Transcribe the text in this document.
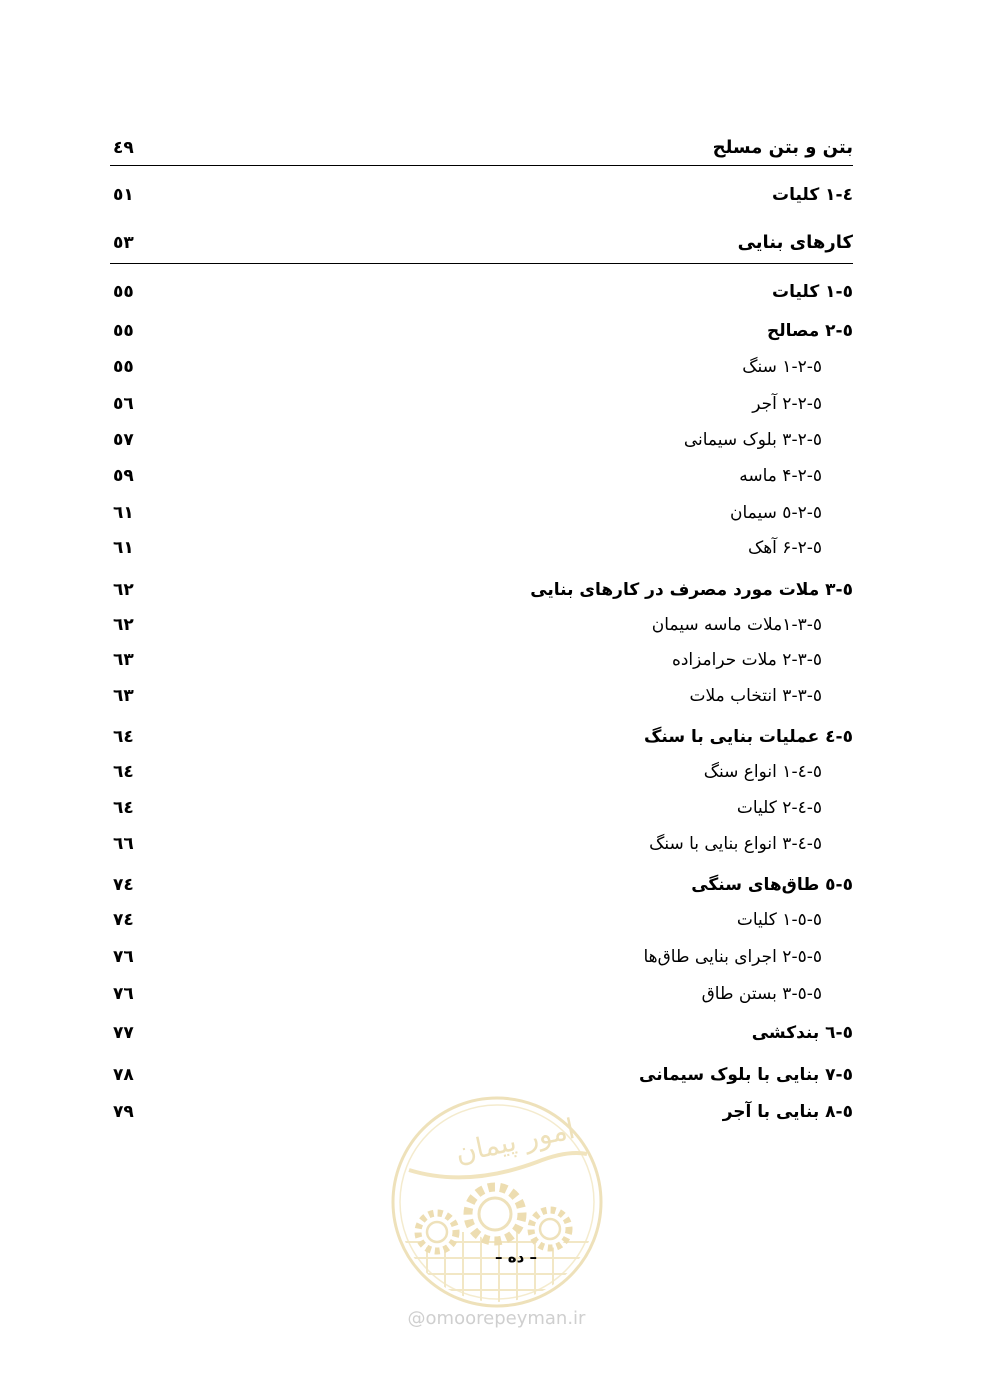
بتن و بتن مسلح
٤٩
٤-١ کلیات
٥١
کارهای بنایی
٥٣
٥-١ کلیات
٥٥
٥-٢ مصالح
٥٥
٥-٢-١ سنگ
٥٥
٥-٢-٢ آجر
٥٦
٥-٢-٣ بلوک سیمانی
٥٧
٥-٢-۴ ماسه
٥٩
٥-٢-٥ سیمان
٦١
٥-٢-۶ آهک
٦١
٥-٣ ملات مورد مصرف در کارهای بنایی
٦٢
٥-٣-١ملات ماسه سیمان
٦٢
٥-٣-٢ ملات حرامزاده
٦٣
٥-٣-٣ انتخاب ملات
٦٣
٥-٤ عملیات بنایی با سنگ
٦٤
٥-٤-١ انواع سنگ
٦٤
٥-٤-٢ کلیات
٦٤
٥-٤-٣ انواع بنایی با سنگ
٦٦
٥-٥ طاق‌های سنگی
٧٤
٥-٥-١ کلیات
٧٤
٥-٥-٢ اجرای بنایی طاق‌ها
٧٦
٥-٥-٣ بستن طاق
٧٦
٥-٦ بندکشی
٧٧
٥-٧ بنایی با بلوک سیمانی
٧٨
٥-٨ بنایی با آجر
٧٩	امور پیمان
– ده –
@omoorepeyman.ir
